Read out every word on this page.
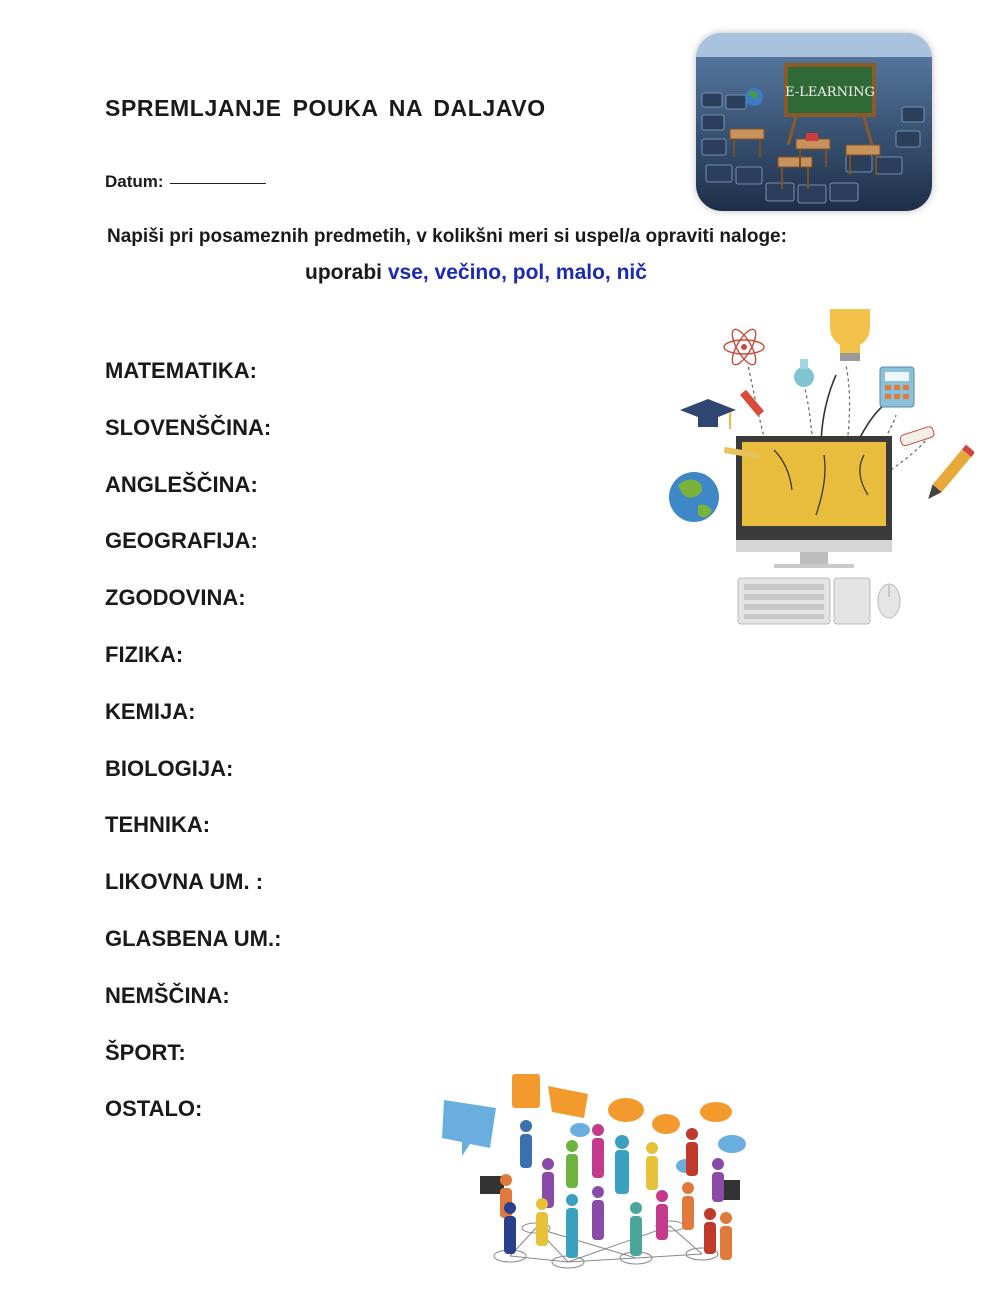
SPREMLJANJE POUKA NA DALJAVO
Datum:
Napiši pri posameznih predmetih, v kolikšni meri si uspel/a opraviti naloge:
uporabi vse, večino, pol, malo, nič
MATEMATIKA:
SLOVENŠČINA:
ANGLEŠČINA:
GEOGRAFIJA:
ZGODOVINA:
FIZIKA:
KEMIJA:
BIOLOGIJA:
TEHNIKA:
LIKOVNA UM. :
GLASBENA UM.:
NEMŠČINA:
ŠPORT:
OSTALO:
E-LEARNING
